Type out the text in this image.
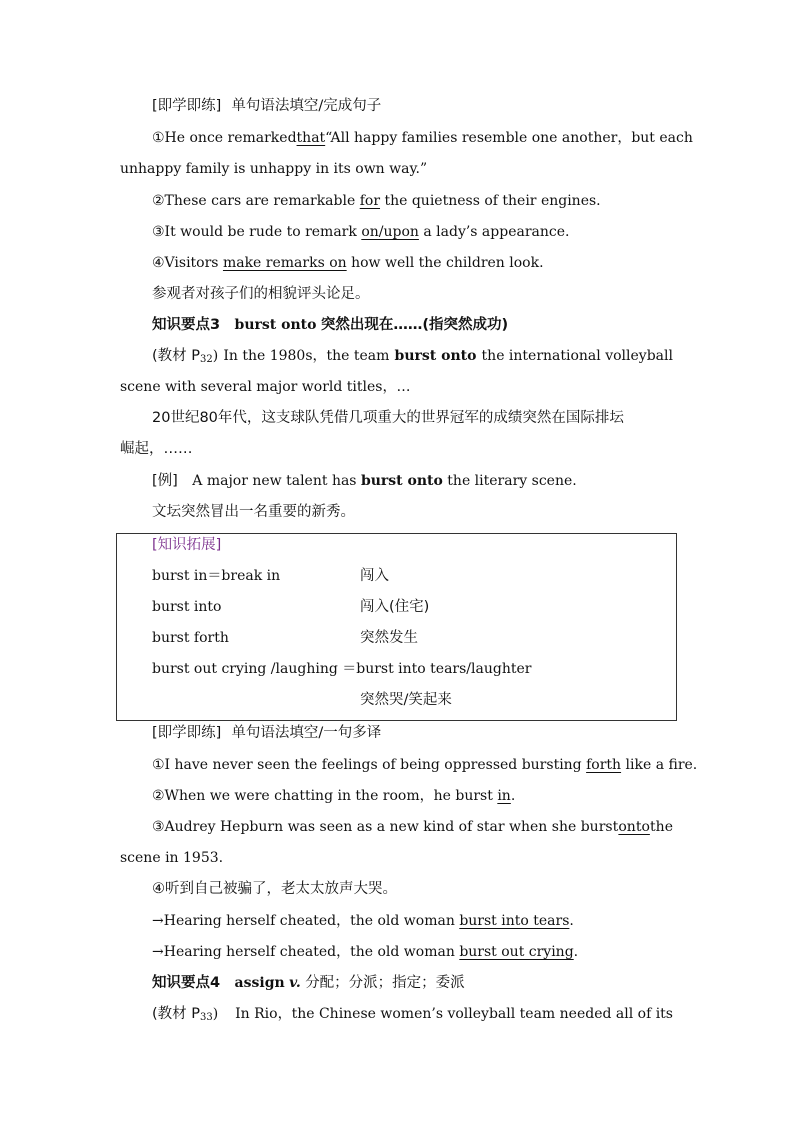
[即学即练] 单句语法填空/完成句子
①He once remarked that “All happy families resemble one another，but each
unhappy family is unhappy in its own way.”
②These cars are remarkable for the quietness of their engines.
③It would be rude to remark on/upon a lady’s appearance.
④Visitors make remarks on how well the children look.
参观者对孩子们的相貌评头论足。
知识要点3 burst onto 突然出现在……(指突然成功)
(教材 $P_{32}$) In the 1980s，the team burst onto the international volleyball
scene with several major world titles，…
20世纪80年代，这支球队凭借几项重大的世界冠军的成绩突然在国际排坛
崛起，……
[例] A major new talent has burst onto the literary scene.
文坛突然冒出一名重要的新秀。
[知识拓展]
burst in＝break in	闯入
burst into	闯入(住宅)
burst forth	突然发生
burst out crying /laughing ＝burst into tears/laughter
突然哭/笑起来
[即学即练] 单句语法填空/一句多译
①I have never seen the feelings of being oppressed bursting forth like a fire.
②When we were chatting in the room，he burst in.
③Audrey Hepburn was seen as a new kind of star when she burst onto the
scene in 1953.
④听到自己被骗了，老太太放声大哭。
→Hearing herself cheated，the old woman burst into tears.
→Hearing herself cheated，the old woman burst out crying.
知识要点4 assign v. 分配；分派；指定；委派
(教材 $P_{33}$) In Rio，the Chinese women’s volleyball team needed all of its
